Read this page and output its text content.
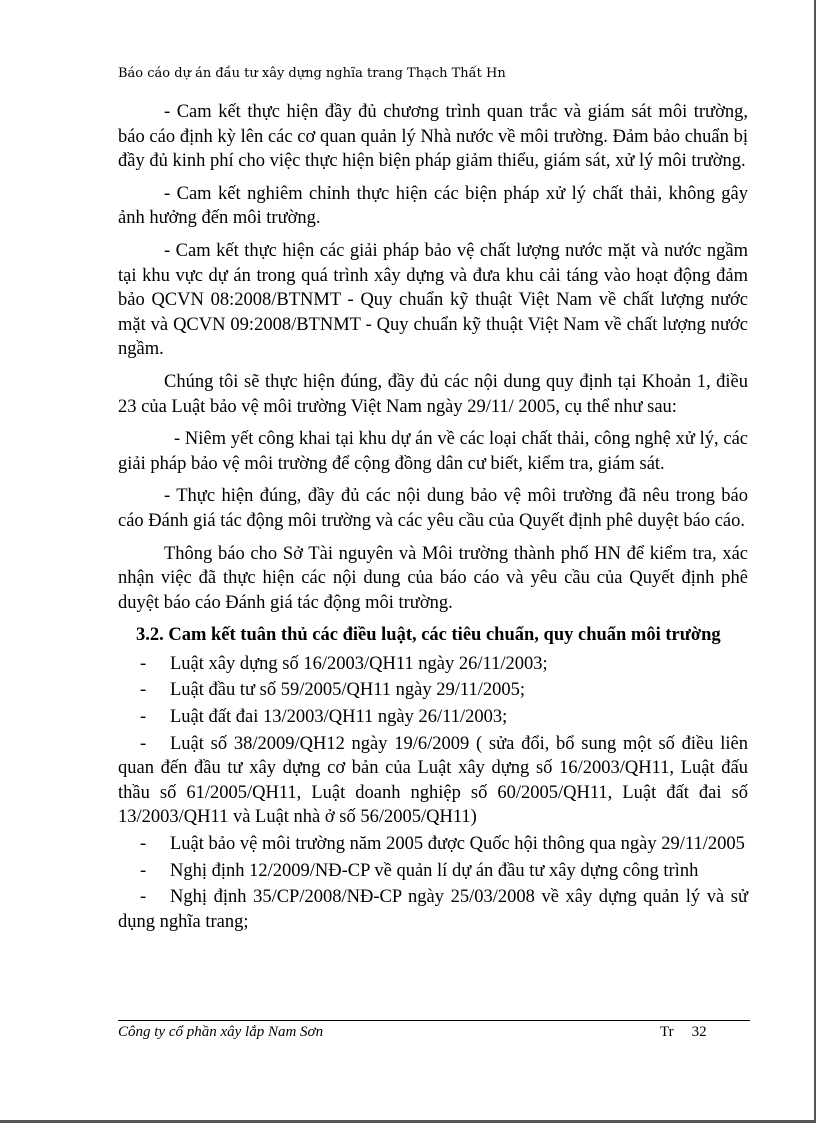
Báo cáo dự án đầu tư xây dựng nghĩa trang Thạch Thất Hn

- Cam kết thực hiện đầy đủ chương trình quan trắc và giám sát môi trường, báo cáo định kỳ lên các cơ quan quản lý Nhà nước về môi trường. Đảm bảo chuẩn bị đầy đủ kinh phí cho việc thực hiện biện pháp giảm thiểu, giám sát, xử lý môi trường.

- Cam kết nghiêm chỉnh thực hiện các biện pháp xử lý chất thải, không gây ảnh hưởng đến môi trường.

- Cam kết thực hiện các giải pháp bảo vệ chất lượng nước mặt và nước ngầm tại khu vực dự án trong quá trình xây dựng và đưa khu cải táng vào hoạt động đảm bảo QCVN 08:2008/BTNMT - Quy chuẩn kỹ thuật Việt Nam về chất lượng nước mặt và QCVN 09:2008/BTNMT - Quy chuẩn kỹ thuật Việt Nam về chất lượng nước ngầm.

Chúng tôi sẽ thực hiện đúng, đầy đủ các nội dung quy định tại Khoản 1, điều 23 của Luật bảo vệ môi trường Việt Nam ngày 29/11/ 2005, cụ thể như sau:

- Niêm yết công khai tại khu dự án về các loại chất thải, công nghệ xử lý, các giải pháp bảo vệ môi trường để cộng đồng dân cư biết, kiểm tra, giám sát.

- Thực hiện đúng, đầy đủ các nội dung bảo vệ môi trường đã nêu trong báo cáo Đánh giá tác động môi trường và các yêu cầu của Quyết định phê duyệt báo cáo.

Thông báo cho Sở Tài nguyên và Môi trường thành phố HN để kiểm tra, xác nhận việc đã thực hiện các nội dung của báo cáo và yêu cầu của Quyết định phê duyệt báo cáo Đánh giá tác động môi trường.

3.2. Cam kết tuân thủ các điều luật, các tiêu chuẩn, quy chuẩn môi trường
- Luật xây dựng số 16/2003/QH11 ngày 26/11/2003;
- Luật đầu tư số 59/2005/QH11 ngày 29/11/2005;
- Luật đất đai 13/2003/QH11 ngày 26/11/2003;
- Luật số 38/2009/QH12 ngày 19/6/2009 ( sửa đổi, bổ sung một số điều liên quan đến đầu tư xây dựng cơ bản của Luật xây dựng số 16/2003/QH11, Luật đấu thầu số 61/2005/QH11, Luật doanh nghiệp số 60/2005/QH11, Luật đất đai số 13/2003/QH11 và Luật nhà ở số 56/2005/QH11)
- Luật bảo vệ môi trường năm 2005 được Quốc hội thông qua ngày 29/11/2005
- Nghị định 12/2009/NĐ-CP về quản lí dự án đầu tư xây dựng công trình
- Nghị định 35/CP/2008/NĐ-CP ngày 25/03/2008 về xây dựng quản lý và sử dụng nghĩa trang;
Công ty cổ phần xây lắp Nam Sơn	Tr 32
